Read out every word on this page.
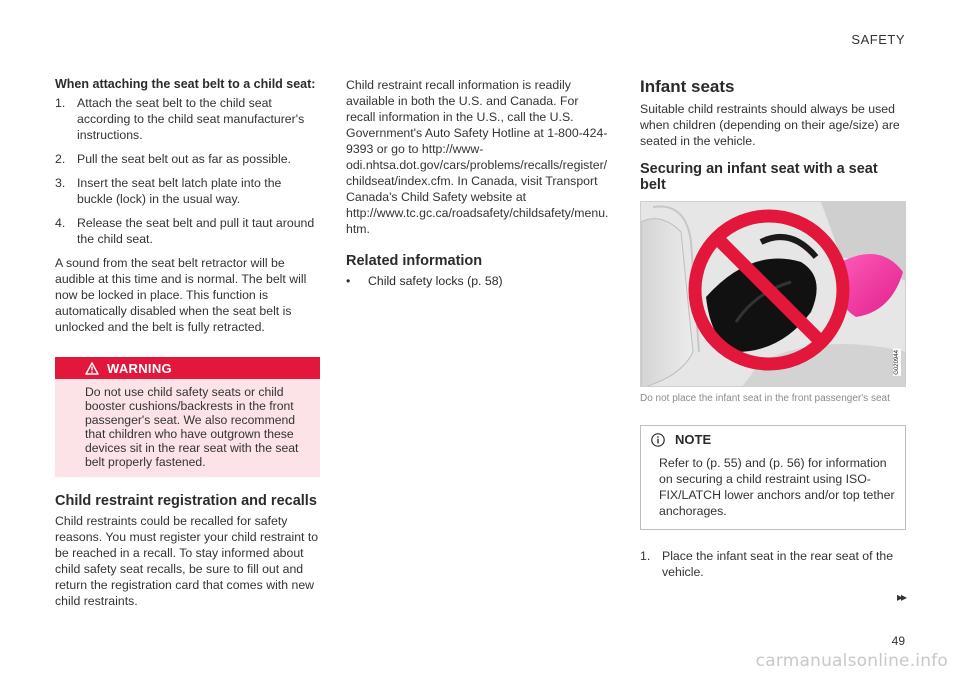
SAFETY
When attaching the seat belt to a child seat:
1. Attach the seat belt to the child seat according to the child seat manufacturer's instructions.
2. Pull the seat belt out as far as possible.
3. Insert the seat belt latch plate into the buckle (lock) in the usual way.
4. Release the seat belt and pull it taut around the child seat.

A sound from the seat belt retractor will be audible at this time and is normal. The belt will now be locked in place. This function is automatically disabled when the seat belt is unlocked and the belt is fully retracted.

WARNING
Do not use child safety seats or child booster cushions/backrests in the front passenger's seat. We also recommend that children who have outgrown these devices sit in the rear seat with the seat belt properly fastened.
Child restraint registration and recalls

Child restraints could be recalled for safety reasons. You must register your child restraint to be reached in a recall. To stay informed about child safety seat recalls, be sure to fill out and return the registration card that comes with new child restraints.

Child restraint recall information is readily available in both the U.S. and Canada. For recall information in the U.S., call the U.S. Government's Auto Safety Hotline at 1-800-424-9393 or go to http://www-odi.nhtsa.dot.gov/cars/problems/recalls/register/childseat/index.cfm. In Canada, visit Transport Canada's Child Safety website at http://www.tc.gc.ca/roadsafety/childsafety/menu.htm.

Related information
• Child safety locks (p. 58)
Infant seats

Suitable child restraints should always be used when children (depending on their age/size) are seated in the vehicle.

Securing an infant seat with a seat belt
G020944
Do not place the infant seat in the front passenger's seat
NOTE
Refer to (p. 55) and (p. 56) for information on securing a child restraint using ISO-FIX/LATCH lower anchors and/or top tether anchorages.
1. Place the infant seat in the rear seat of the vehicle.
▸▸
49
carmanualsonline.info
